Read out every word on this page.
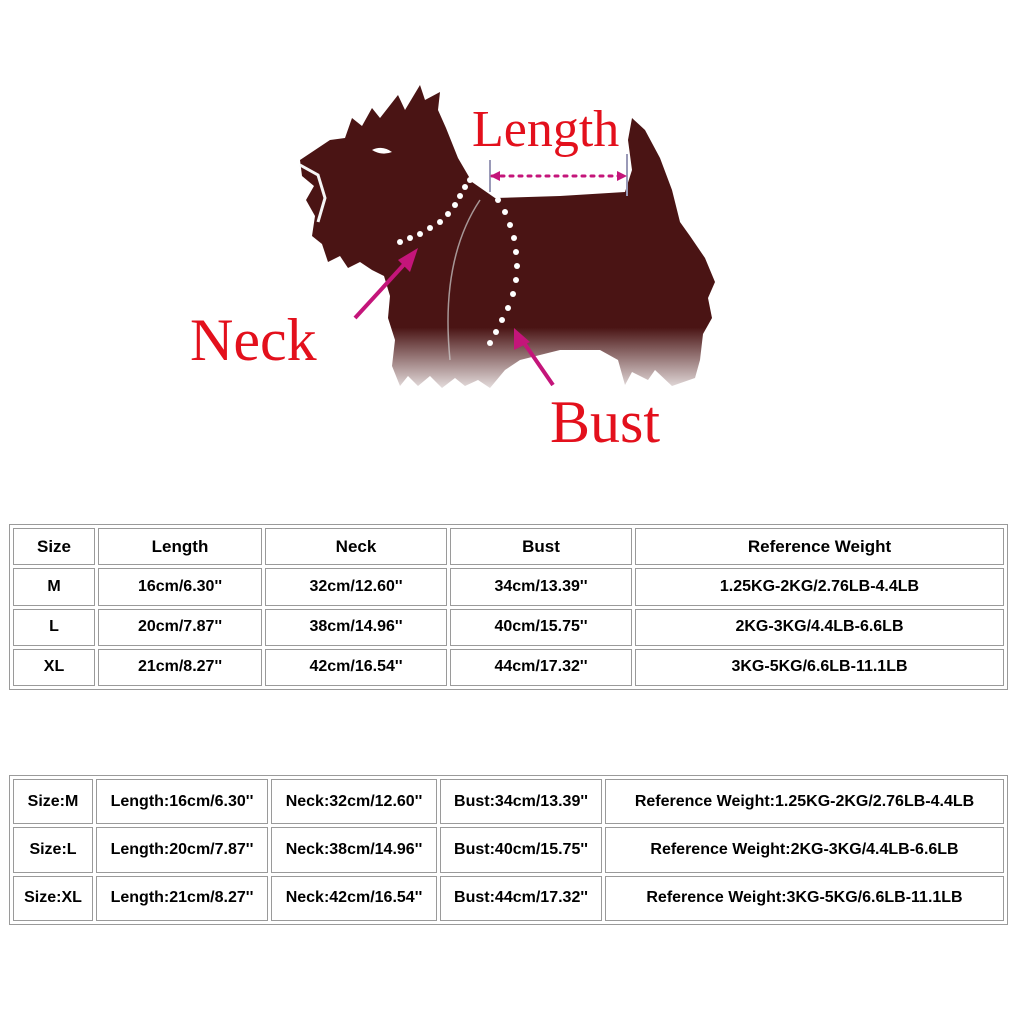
Length
Neck
Bust
Size	Length	Neck	Bust	Reference Weight
M	16cm/6.30''	32cm/12.60''	34cm/13.39''	1.25KG-2KG/2.76LB-4.4LB
L	20cm/7.87''	38cm/14.96''	40cm/15.75''	2KG-3KG/4.4LB-6.6LB
XL	21cm/8.27''	42cm/16.54''	44cm/17.32''	3KG-5KG/6.6LB-11.1LB
Size:M	Length:16cm/6.30''	Neck:32cm/12.60''	Bust:34cm/13.39''	Reference Weight:1.25KG-2KG/2.76LB-4.4LB
Size:L	Length:20cm/7.87''	Neck:38cm/14.96''	Bust:40cm/15.75''	Reference Weight:2KG-3KG/4.4LB-6.6LB
Size:XL	Length:21cm/8.27''	Neck:42cm/16.54''	Bust:44cm/17.32''	Reference Weight:3KG-5KG/6.6LB-11.1LB
